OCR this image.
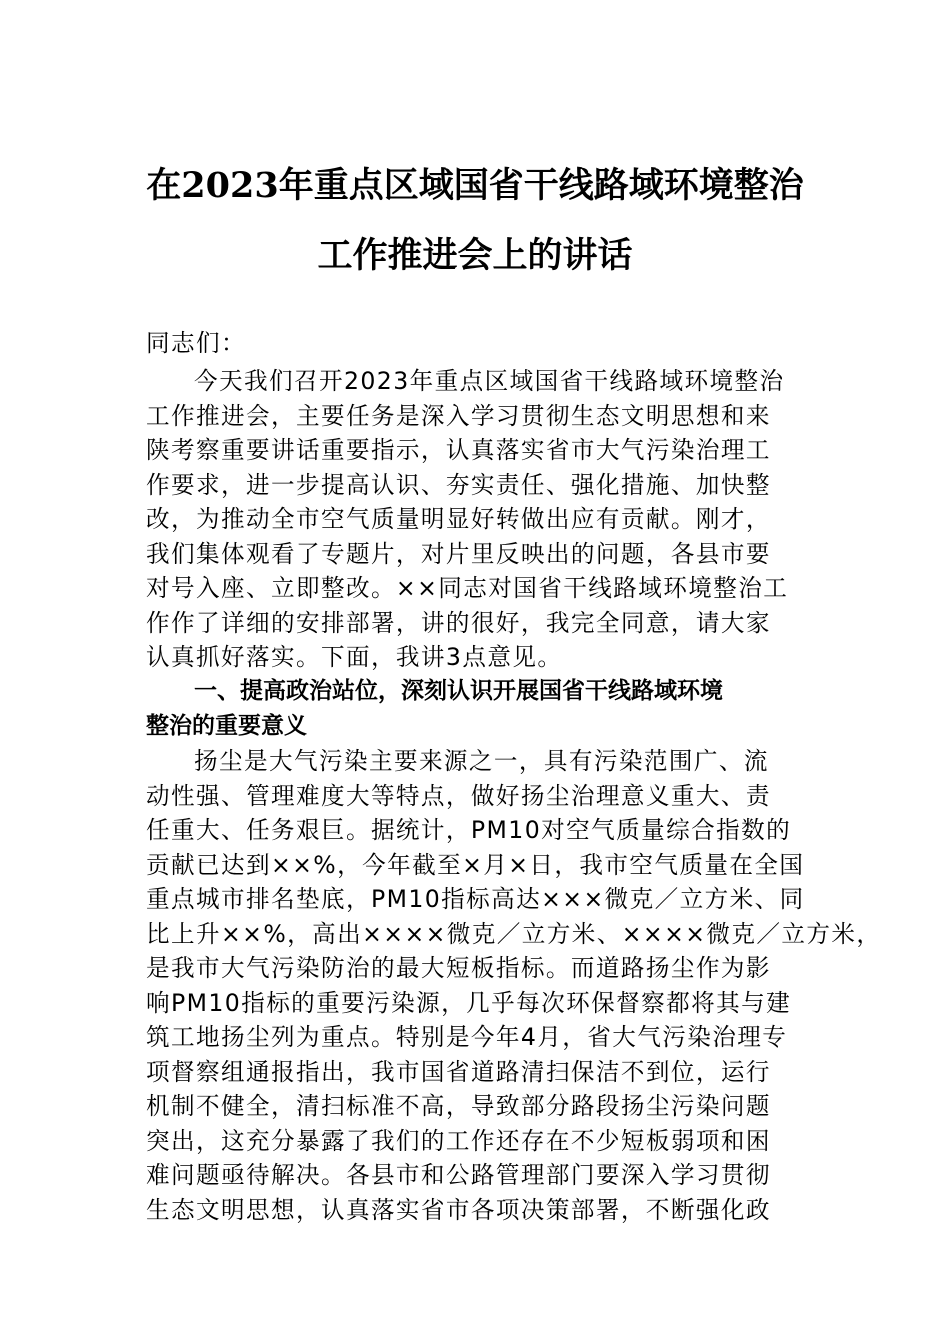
在2023年重点区域国省干线路域环境整治
工作推进会上的讲话
同志们：
今天我们召开2023年重点区域国省干线路域环境整治
工作推进会，主要任务是深入学习贯彻生态文明思想和来
陕考察重要讲话重要指示，认真落实省市大气污染治理工
作要求，进一步提高认识、夯实责任、强化措施、加快整
改，为推动全市空气质量明显好转做出应有贡献。刚才，
我们集体观看了专题片，对片里反映出的问题，各县市要
对号入座、立即整改。××同志对国省干线路域环境整治工
作作了详细的安排部署，讲的很好，我完全同意，请大家
认真抓好落实。下面，我讲3点意见。
一、提高政治站位，深刻认识开展国省干线路域环境
整治的重要意义
扬尘是大气污染主要来源之一，具有污染范围广、流
动性强、管理难度大等特点，做好扬尘治理意义重大、责
任重大、任务艰巨。据统计，PM10对空气质量综合指数的
贡献已达到××%，今年截至×月×日，我市空气质量在全国
重点城市排名垫底，PM10指标高达×××微克／立方米、同
比上升××%，高出××××微克／立方米、××××微克／立方米，
是我市大气污染防治的最大短板指标。而道路扬尘作为影
响PM10指标的重要污染源，几乎每次环保督察都将其与建
筑工地扬尘列为重点。特别是今年4月，省大气污染治理专
项督察组通报指出，我市国省道路清扫保洁不到位，运行
机制不健全，清扫标准不高，导致部分路段扬尘污染问题
突出，这充分暴露了我们的工作还存在不少短板弱项和困
难问题亟待解决。各县市和公路管理部门要深入学习贯彻
生态文明思想，认真落实省市各项决策部署，不断强化政
